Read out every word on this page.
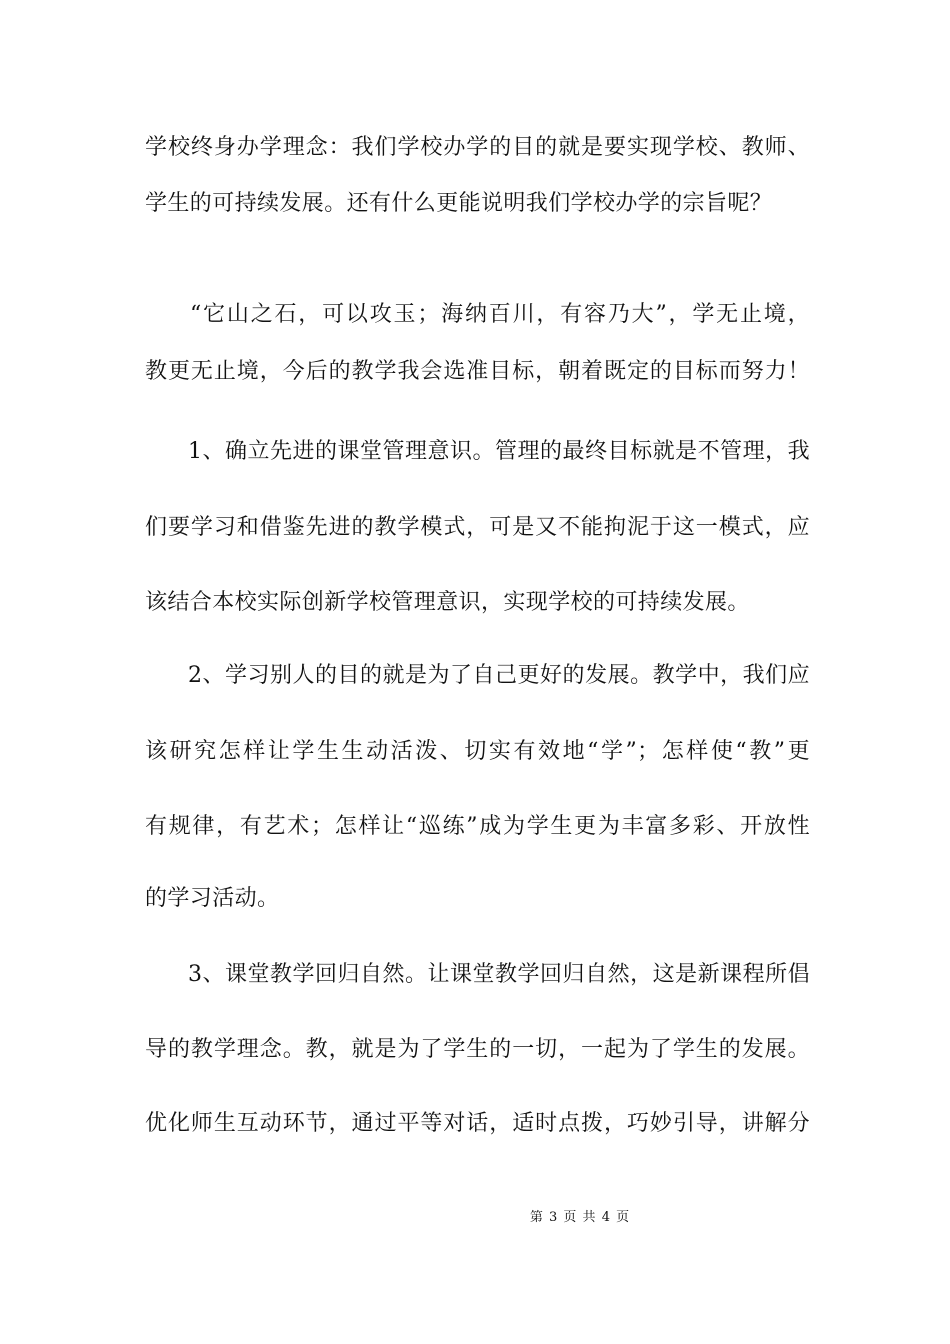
学校终身办学理念：我们学校办学的目的就是要实现学校、教师、
学生的可持续发展。还有什么更能说明我们学校办学的宗旨呢？
“它山之石，可以攻玉；海纳百川，有容乃大”，学无止境，
教更无止境，今后的教学我会选准目标，朝着既定的目标而努力！
1、确立先进的课堂管理意识。管理的最终目标就是不管理，我
们要学习和借鉴先进的教学模式，可是又不能拘泥于这一模式，应
该结合本校实际创新学校管理意识，实现学校的可持续发展。
2、学习别人的目的就是为了自己更好的发展。教学中，我们应
该研究怎样让学生生动活泼、切实有效地“学”；怎样使“教”更
有规律，有艺术；怎样让“巡练”成为学生更为丰富多彩、开放性
的学习活动。
3、课堂教学回归自然。让课堂教学回归自然，这是新课程所倡
导的教学理念。教，就是为了学生的一切，一起为了学生的发展。
优化师生互动环节，通过平等对话，适时点拨，巧妙引导，讲解分
第 3 页 共 4 页
